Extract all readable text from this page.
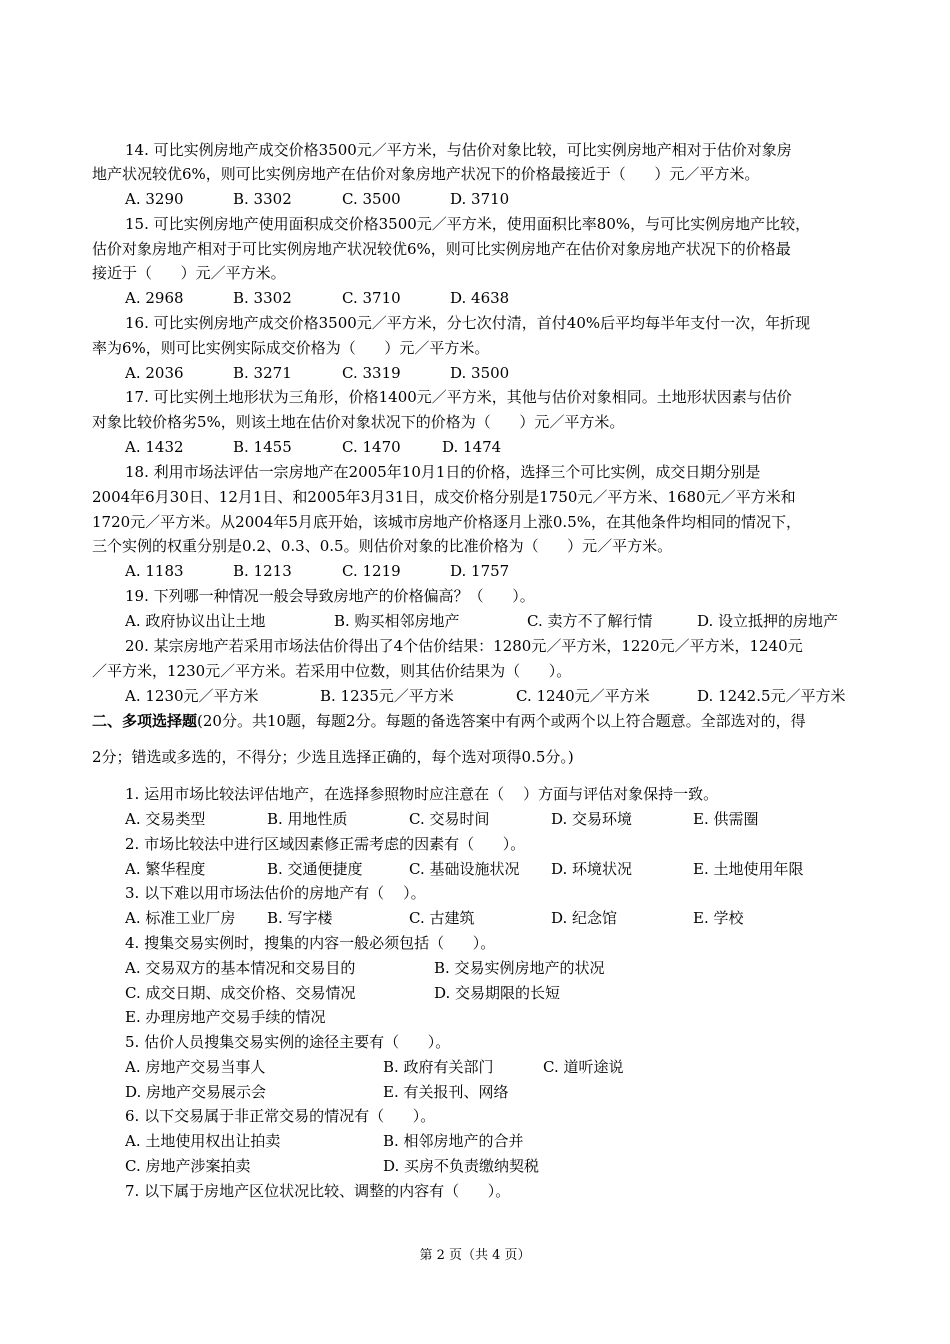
14. 可比实例房地产成交价格3500元／平方米，与估价对象比较，可比实例房地产相对于估价对象房
地产状况较优6%，则可比实例房地产在估价对象房地产状况下的价格最接近于（      ）元／平方米。
A. 3290	B. 3302	C. 3500	D. 3710
15. 可比实例房地产使用面积成交价格3500元／平方米，使用面积比率80%，与可比实例房地产比较，
估价对象房地产相对于可比实例房地产状况较优6%，则可比实例房地产在估价对象房地产状况下的价格最
接近于（      ）元／平方米。
A. 2968	B. 3302	C. 3710	D. 4638
16. 可比实例房地产成交价格3500元／平方米，分七次付清，首付40%后平均每半年支付一次，年折现
率为6%，则可比实例实际成交价格为（      ）元／平方米。
A. 2036	B. 3271	C. 3319	D. 3500
17. 可比实例土地形状为三角形，价格1400元／平方米，其他与估价对象相同。土地形状因素与估价
对象比较价格劣5%，则该土地在估价对象状况下的价格为（      ）元／平方米。
A. 1432	B. 1455	C. 1470	D. 1474
18. 利用市场法评估一宗房地产在2005年10月1日的价格，选择三个可比实例，成交日期分别是
2004年6月30日、12月1日、和2005年3月31日，成交价格分别是1750元／平方米、1680元／平方米和
1720元／平方米。从2004年5月底开始，该城市房地产价格逐月上涨0.5%，在其他条件均相同的情况下，
三个实例的权重分别是0.2、0.3、0.5。则估价对象的比准价格为（      ）元／平方米。
A. 1183	B. 1213	C. 1219	D. 1757
19. 下列哪一种情况一般会导致房地产的价格偏高？（      ）。
A. 政府协议出让土地	B. 购买相邻房地产	C. 卖方不了解行情	D. 设立抵押的房地产
20. 某宗房地产若采用市场法估价得出了4个估价结果：1280元／平方米，1220元／平方米，1240元
／平方米，1230元／平方米。若采用中位数，则其估价结果为（      ）。
A. 1230元／平方米	B. 1235元／平方米	C. 1240元／平方米	D. 1242.5元／平方米
二、多项选择题(20分。共10题，每题2分。每题的备选答案中有两个或两个以上符合题意。全部选对的，得
2分；错选或多选的，不得分；少选且选择正确的，每个选对项得0.5分。)
1. 运用市场比较法评估地产，在选择参照物时应注意在（    ）方面与评估对象保持一致。
A. 交易类型	B. 用地性质	C. 交易时间	D. 交易环境	E. 供需圈
2. 市场比较法中进行区域因素修正需考虑的因素有（      ）。
A. 繁华程度	B. 交通便捷度	C. 基础设施状况 D. 环境状况	E. 土地使用年限
3. 以下难以用市场法估价的房地产有（    ）。
A. 标准工业厂房 B. 写字楼	C. 古建筑	D. 纪念馆	E. 学校
4. 搜集交易实例时，搜集的内容一般必须包括（      ）。
A. 交易双方的基本情况和交易目的	B. 交易实例房地产的状况
C. 成交日期、成交价格、交易情况	D. 交易期限的长短
E. 办理房地产交易手续的情况
5. 估价人员搜集交易实例的途径主要有（      ）。
A. 房地产交易当事人	B. 政府有关部门	C. 道听途说
D. 房地产交易展示会	E. 有关报刊、网络
6. 以下交易属于非正常交易的情况有（      ）。
A. 土地使用权出让拍卖	B. 相邻房地产的合并
C. 房地产涉案拍卖	D. 买房不负责缴纳契税
7. 以下属于房地产区位状况比较、调整的内容有（      ）。
第 2 页（共 4 页）
